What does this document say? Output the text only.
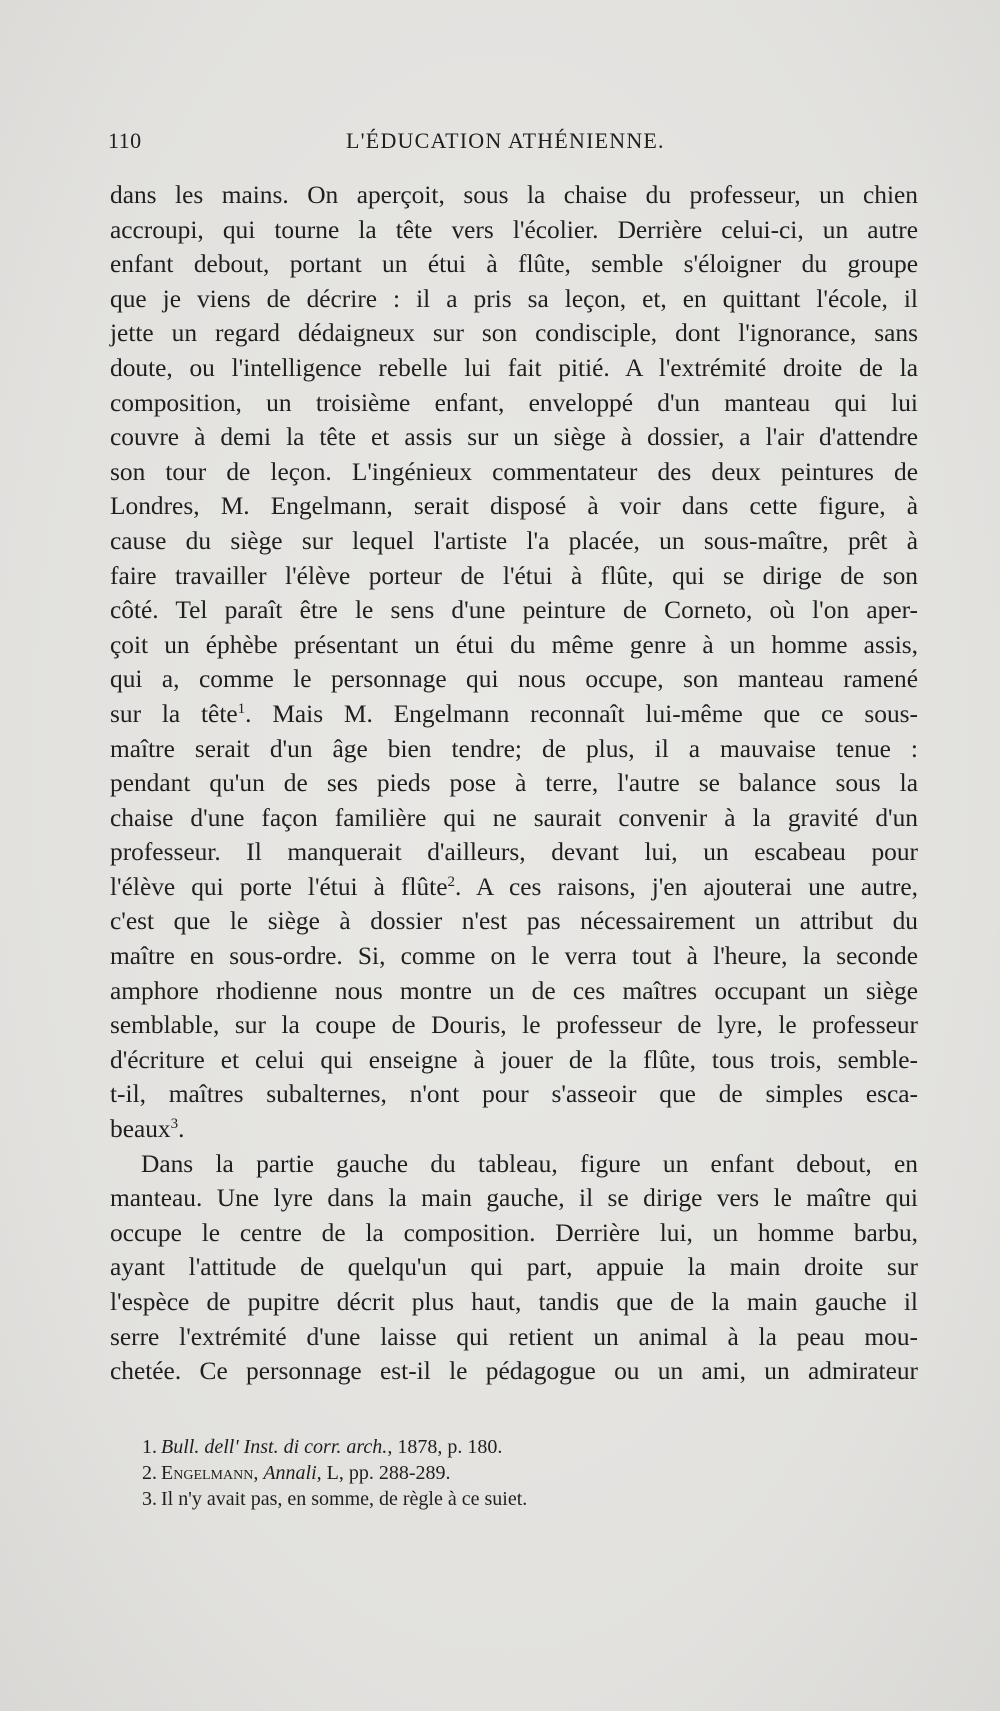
110	L'ÉDUCATION ATHÉNIENNE.
dans les mains. On aperçoit, sous la chaise du professeur, un chien
accroupi, qui tourne la tête vers l'écolier. Derrière celui-ci, un autre
enfant debout, portant un étui à flûte, semble s'éloigner du groupe
que je viens de décrire : il a pris sa leçon, et, en quittant l'école, il
jette un regard dédaigneux sur son condisciple, dont l'ignorance, sans
doute, ou l'intelligence rebelle lui fait pitié. A l'extrémité droite de la
composition, un troisième enfant, enveloppé d'un manteau qui lui
couvre à demi la tête et assis sur un siège à dossier, a l'air d'attendre
son tour de leçon. L'ingénieux commentateur des deux peintures de
Londres, M. Engelmann, serait disposé à voir dans cette figure, à
cause du siège sur lequel l'artiste l'a placée, un sous-maître, prêt à
faire travailler l'élève porteur de l'étui à flûte, qui se dirige de son
côté. Tel paraît être le sens d'une peinture de Corneto, où l'on aper-
çoit un éphèbe présentant un étui du même genre à un homme assis,
qui a, comme le personnage qui nous occupe, son manteau ramené
sur la tête$^1$. Mais M. Engelmann reconnaît lui-même que ce sous-
maître serait d'un âge bien tendre; de plus, il a mauvaise tenue :
pendant qu'un de ses pieds pose à terre, l'autre se balance sous la
chaise d'une façon familière qui ne saurait convenir à la gravité d'un
professeur. Il manquerait d'ailleurs, devant lui, un escabeau pour
l'élève qui porte l'étui à flûte$^2$. A ces raisons, j'en ajouterai une autre,
c'est que le siège à dossier n'est pas nécessairement un attribut du
maître en sous-ordre. Si, comme on le verra tout à l'heure, la seconde
amphore rhodienne nous montre un de ces maîtres occupant un siège
semblable, sur la coupe de Douris, le professeur de lyre, le professeur
d'écriture et celui qui enseigne à jouer de la flûte, tous trois, semble-
t-il, maîtres subalternes, n'ont pour s'asseoir que de simples esca-
beaux$^3$.
Dans la partie gauche du tableau, figure un enfant debout, en
manteau. Une lyre dans la main gauche, il se dirige vers le maître qui
occupe le centre de la composition. Derrière lui, un homme barbu,
ayant l'attitude de quelqu'un qui part, appuie la main droite sur
l'espèce de pupitre décrit plus haut, tandis que de la main gauche il
serre l'extrémité d'une laisse qui retient un animal à la peau mou-
chetée. Ce personnage est-il le pédagogue ou un ami, un admirateur
1. Bull. dell' Inst. di corr. arch., 1878, p. 180.
2. Engelmann, Annali, L, pp. 288-289.
3. Il n'y avait pas, en somme, de règle à ce suiet.
